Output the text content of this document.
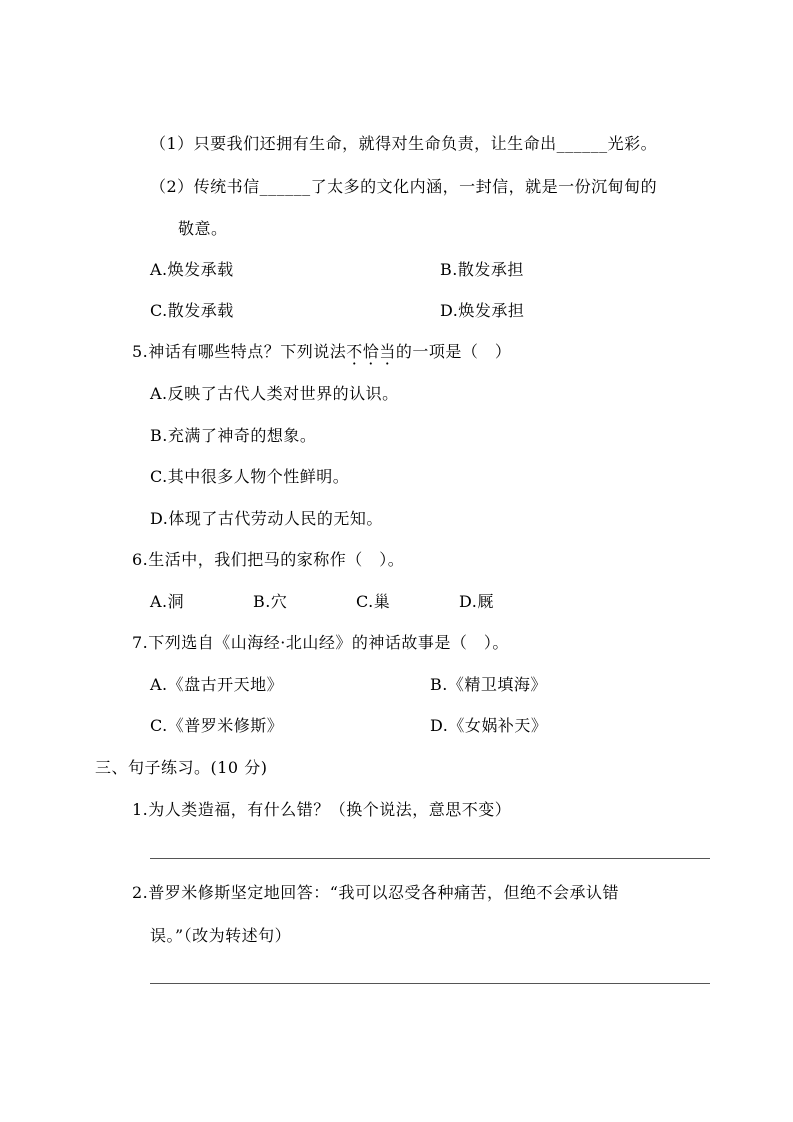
（1）只要我们还拥有生命，就得对生命负责，让生命出______光彩。
（2）传统书信______了太多的文化内涵，一封信，就是一份沉甸甸的
敬意。
A.焕发承载	B.散发承担
C.散发承载	D.焕发承担
5.神话有哪些特点？下列说法不恰当的一项是（　）
A.反映了古代人类对世界的认识。
B.充满了神奇的想象。
C.其中很多人物个性鲜明。
D.体现了古代劳动人民的无知。
6.生活中，我们把马的家称作（　）。
A.洞	B.穴	C.巢	D.厩
7.下列选自《山海经·北山经》的神话故事是（　）。
A.《盘古开天地》	B.《精卫填海》
C.《普罗米修斯》	D.《女娲补天》
三、句子练习。(10 分)
1.为人类造福，有什么错？（换个说法，意思不变）
2.普罗米修斯坚定地回答：“我可以忍受各种痛苦，但绝不会承认错
误。”（改为转述句）
